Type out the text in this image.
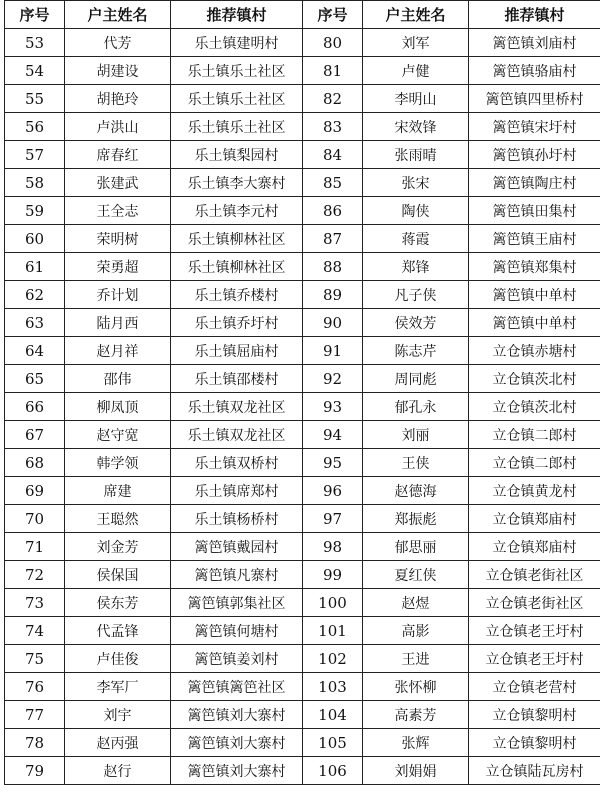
序号	户主姓名	推荐镇村	序号	户主姓名	推荐镇村
53	代芳	乐土镇建明村	80	刘军	篱笆镇刘庙村
54	胡建设	乐土镇乐土社区	81	卢健	篱笆镇骆庙村
55	胡艳玲	乐土镇乐土社区	82	李明山	篱笆镇四里桥村
56	卢洪山	乐土镇乐土社区	83	宋效锋	篱笆镇宋圩村
57	席春红	乐土镇梨园村	84	张雨晴	篱笆镇孙圩村
58	张建武	乐土镇李大寨村	85	张宋	篱笆镇陶庄村
59	王全志	乐土镇李元村	86	陶侠	篱笆镇田集村
60	荣明树	乐土镇柳林社区	87	蒋霞	篱笆镇王庙村
61	荣勇超	乐土镇柳林社区	88	郑锋	篱笆镇郑集村
62	乔计划	乐土镇乔楼村	89	凡子侠	篱笆镇中单村
63	陆月西	乐土镇乔圩村	90	侯效芳	篱笆镇中单村
64	赵月祥	乐土镇屈庙村	91	陈志芹	立仓镇赤塘村
65	邵伟	乐土镇邵楼村	92	周同彪	立仓镇茨北村
66	柳凤顶	乐土镇双龙社区	93	郁孔永	立仓镇茨北村
67	赵守宽	乐土镇双龙社区	94	刘丽	立仓镇二郎村
68	韩学领	乐土镇双桥村	95	王侠	立仓镇二郎村
69	席建	乐土镇席郑村	96	赵德海	立仓镇黄龙村
70	王聪然	乐土镇杨桥村	97	郑振彪	立仓镇郑庙村
71	刘金芳	篱笆镇戴园村	98	郁思丽	立仓镇郑庙村
72	侯保国	篱笆镇凡寨村	99	夏红侠	立仓镇老街社区
73	侯东芳	篱笆镇郭集社区	100	赵煜	立仓镇老街社区
74	代孟锋	篱笆镇何塘村	101	高影	立仓镇老王圩村
75	卢佳俊	篱笆镇姜刘村	102	王进	立仓镇老王圩村
76	李军厂	篱笆镇篱笆社区	103	张怀柳	立仓镇老营村
77	刘宇	篱笆镇刘大寨村	104	高素芳	立仓镇黎明村
78	赵丙强	篱笆镇刘大寨村	105	张辉	立仓镇黎明村
79	赵行	篱笆镇刘大寨村	106	刘娟娟	立仓镇陆瓦房村
